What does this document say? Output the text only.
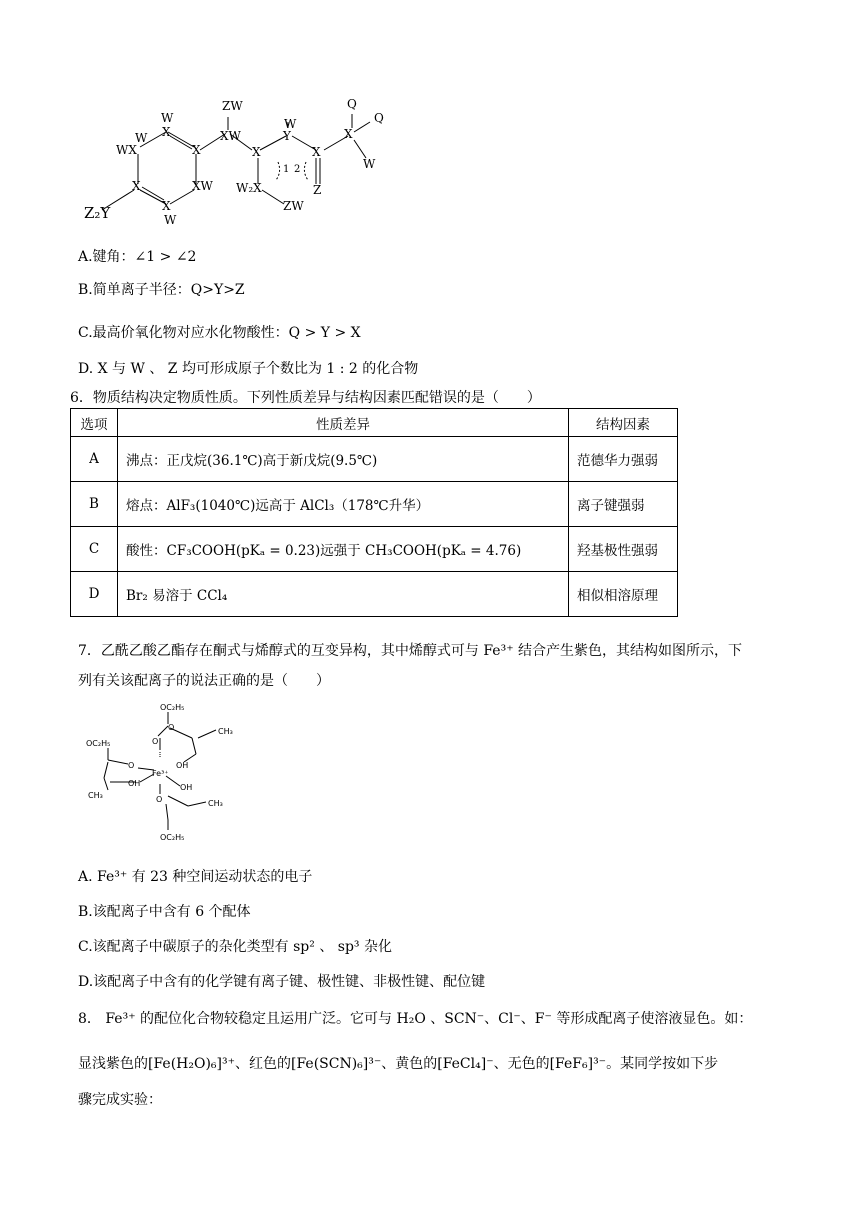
W
X
W
WX
X
Z₂Y	X
W
XW
X
ZW
XW
X
W
Y
X
Q
X
Q
W
Z
W₂X
ZW
1 2
A.键角：∠1 > ∠2
B.简单离子半径：Q>Y>Z
C.最高价氧化物对应水化物酸性：Q > Y > X
D. X 与 W 、 Z 均可形成原子个数比为 1 : 2 的化合物
6．物质结构决定物质性质。下列性质差异与结构因素匹配错误的是（　　）
选项	性质差异	结构因素
A	沸点：正戊烷(36.1℃)高于新戊烷(9.5℃)	范德华力强弱
B	熔点：AlF₃(1040℃)远高于 AlCl₃（178℃升华）	离子键强弱
C	酸性：CF₃COOH(pKₐ = 0.23)远强于 CH₃COOH(pKₐ = 4.76)	羟基极性强弱
D	Br₂ 易溶于 CCl₄	相似相溶原理
7．乙酰乙酸乙酯存在酮式与烯醇式的互变异构，其中烯醇式可与 Fe³⁺ 结合产生紫色，其结构如图所示，下
列有关该配离子的说法正确的是（　　）
OC₂H₅
O
O	CH₃
OC₂H₅
O
Fe³⁺
OH
CH₃
OH	OH
O	CH₃
OC₂H₅
A. Fe³⁺ 有 23 种空间运动状态的电子
B.该配离子中含有 6 个配体
C.该配离子中碳原子的杂化类型有 sp² 、 sp³ 杂化
D.该配离子中含有的化学键有离子键、极性键、非极性键、配位键
8． Fe³⁺ 的配位化合物较稳定且运用广泛。它可与 H₂O 、SCN⁻、Cl⁻、F⁻ 等形成配离子使溶液显色。如：
显浅紫色的[Fe(H₂O)₆]³⁺、红色的[Fe(SCN)₆]³⁻、黄色的[FeCl₄]⁻、无色的[FeF₆]³⁻。某同学按如下步
骤完成实验：
